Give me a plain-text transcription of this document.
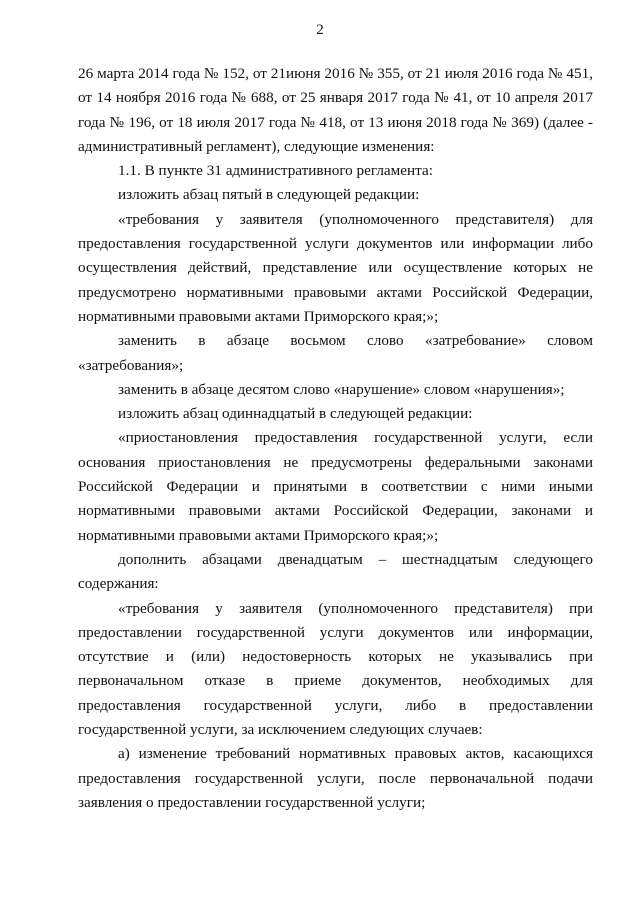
2

26 марта 2014 года № 152, от 21июня 2016 № 355, от 21 июля 2016 года № 451, от 14 ноября 2016 года № 688, от 25 января 2017 года № 41, от 10 апреля 2017 года № 196, от 18 июля 2017 года № 418, от 13 июня 2018 года № 369) (далее - административный регламент), следующие изменения:

1.1. В пункте 31 административного регламента:

изложить абзац пятый в следующей редакции:

«требования у заявителя (уполномоченного представителя) для предоставления государственной услуги документов или информации либо осуществления действий, представление или осуществление которых не предусмотрено нормативными правовыми актами Российской Федерации, нормативными правовыми актами Приморского края;»;

заменить в абзаце восьмом слово «затребование» словом «затребования»;

заменить в абзаце десятом слово «нарушение» словом «нарушения»;

изложить абзац одиннадцатый в следующей редакции:

«приостановления предоставления государственной услуги, если основания приостановления не предусмотрены федеральными законами Российской Федерации и принятыми в соответствии с ними иными нормативными правовыми актами Российской Федерации, законами и нормативными правовыми актами Приморского края;»;

дополнить абзацами двенадцатым – шестнадцатым следующего содержания:

«требования у заявителя (уполномоченного представителя) при предоставлении государственной услуги документов или информации, отсутствие и (или) недостоверность которых не указывались при первоначальном отказе в приеме документов, необходимых для предоставления государственной услуги, либо в предоставлении государственной услуги, за исключением следующих случаев:

а) изменение требований нормативных правовых актов, касающихся предоставления государственной услуги, после первоначальной подачи заявления о предоставлении государственной услуги;
